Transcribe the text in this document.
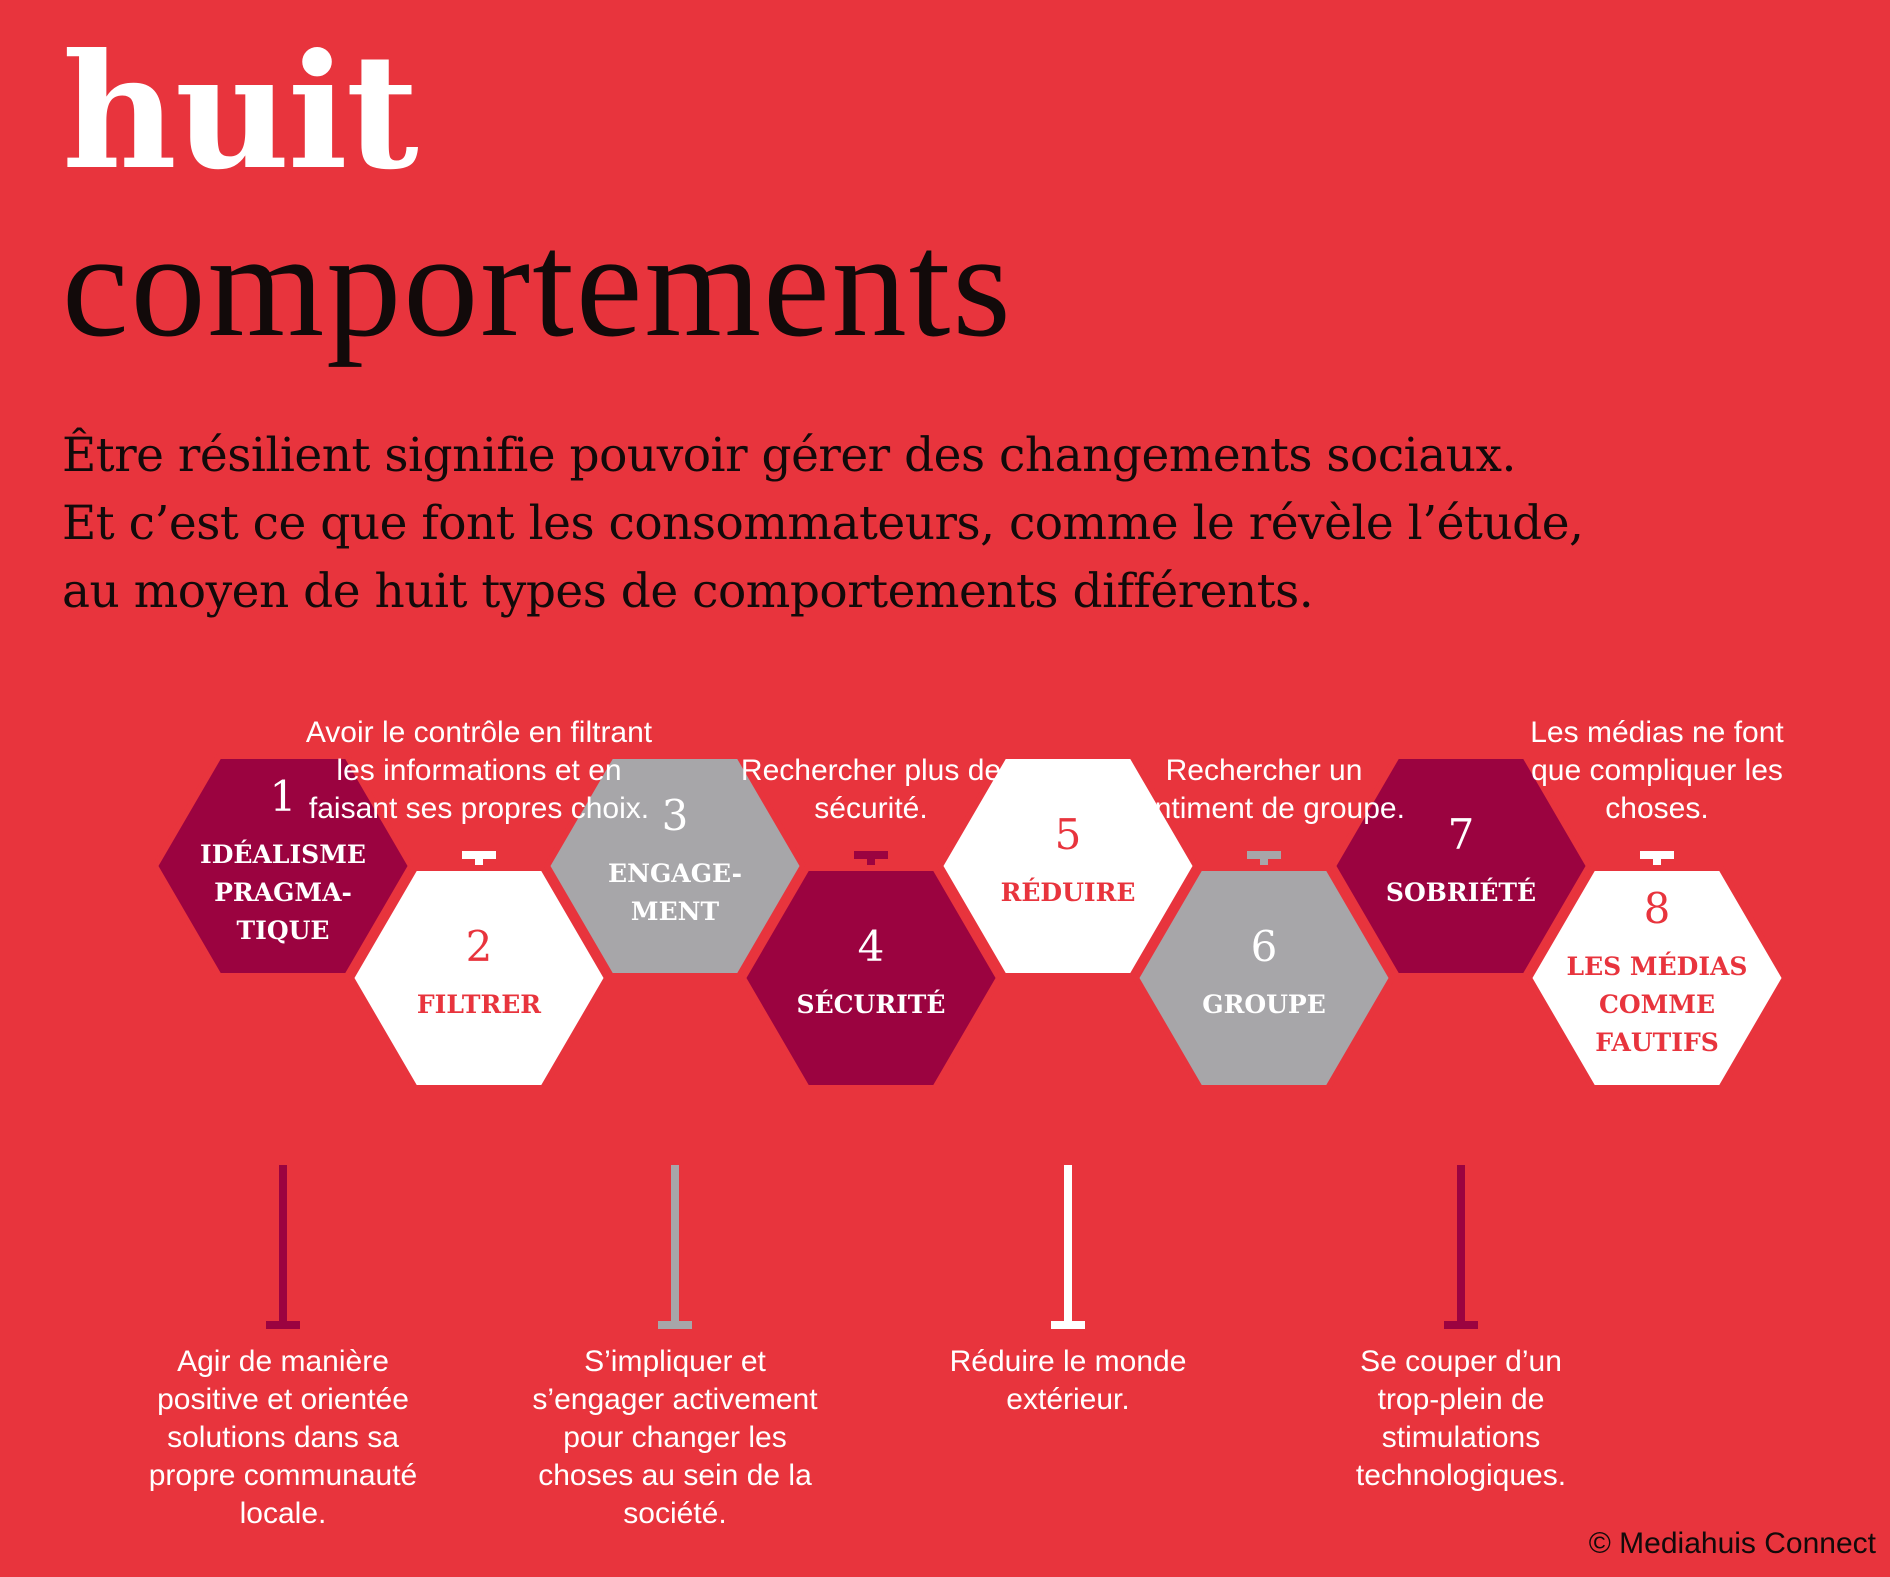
huit
comportements
Être résilient signifie pouvoir gérer des changements sociaux.
Et c’est ce que font les consommateurs, comme le révèle l’étude,
au moyen de huit types de comportements différents.
1
IDÉALISME
PRAGMA-
TIQUE	2
FILTRER
3
ENGAGE-
MENT
4
SÉCURITÉ
5
RÉDUIRE
6
GROUPE
7
SOBRIÉTÉ	8
LES MÉDIAS
COMME
FAUTIFS
Agir de manière
positive et orientée
solutions dans sa
propre communauté
locale.
Avoir le contrôle en filtrant
les informations et en
faisant ses propres choix.
S’impliquer et
s’engager activement
pour changer les
choses au sein de la
société.
Rechercher plus de
sécurité.
Réduire le monde
extérieur.
Rechercher un
sentiment de groupe.
Se couper d’un
trop-plein de
stimulations
technologiques.
Les médias ne font
que compliquer les
choses.
© Mediahuis Connect
